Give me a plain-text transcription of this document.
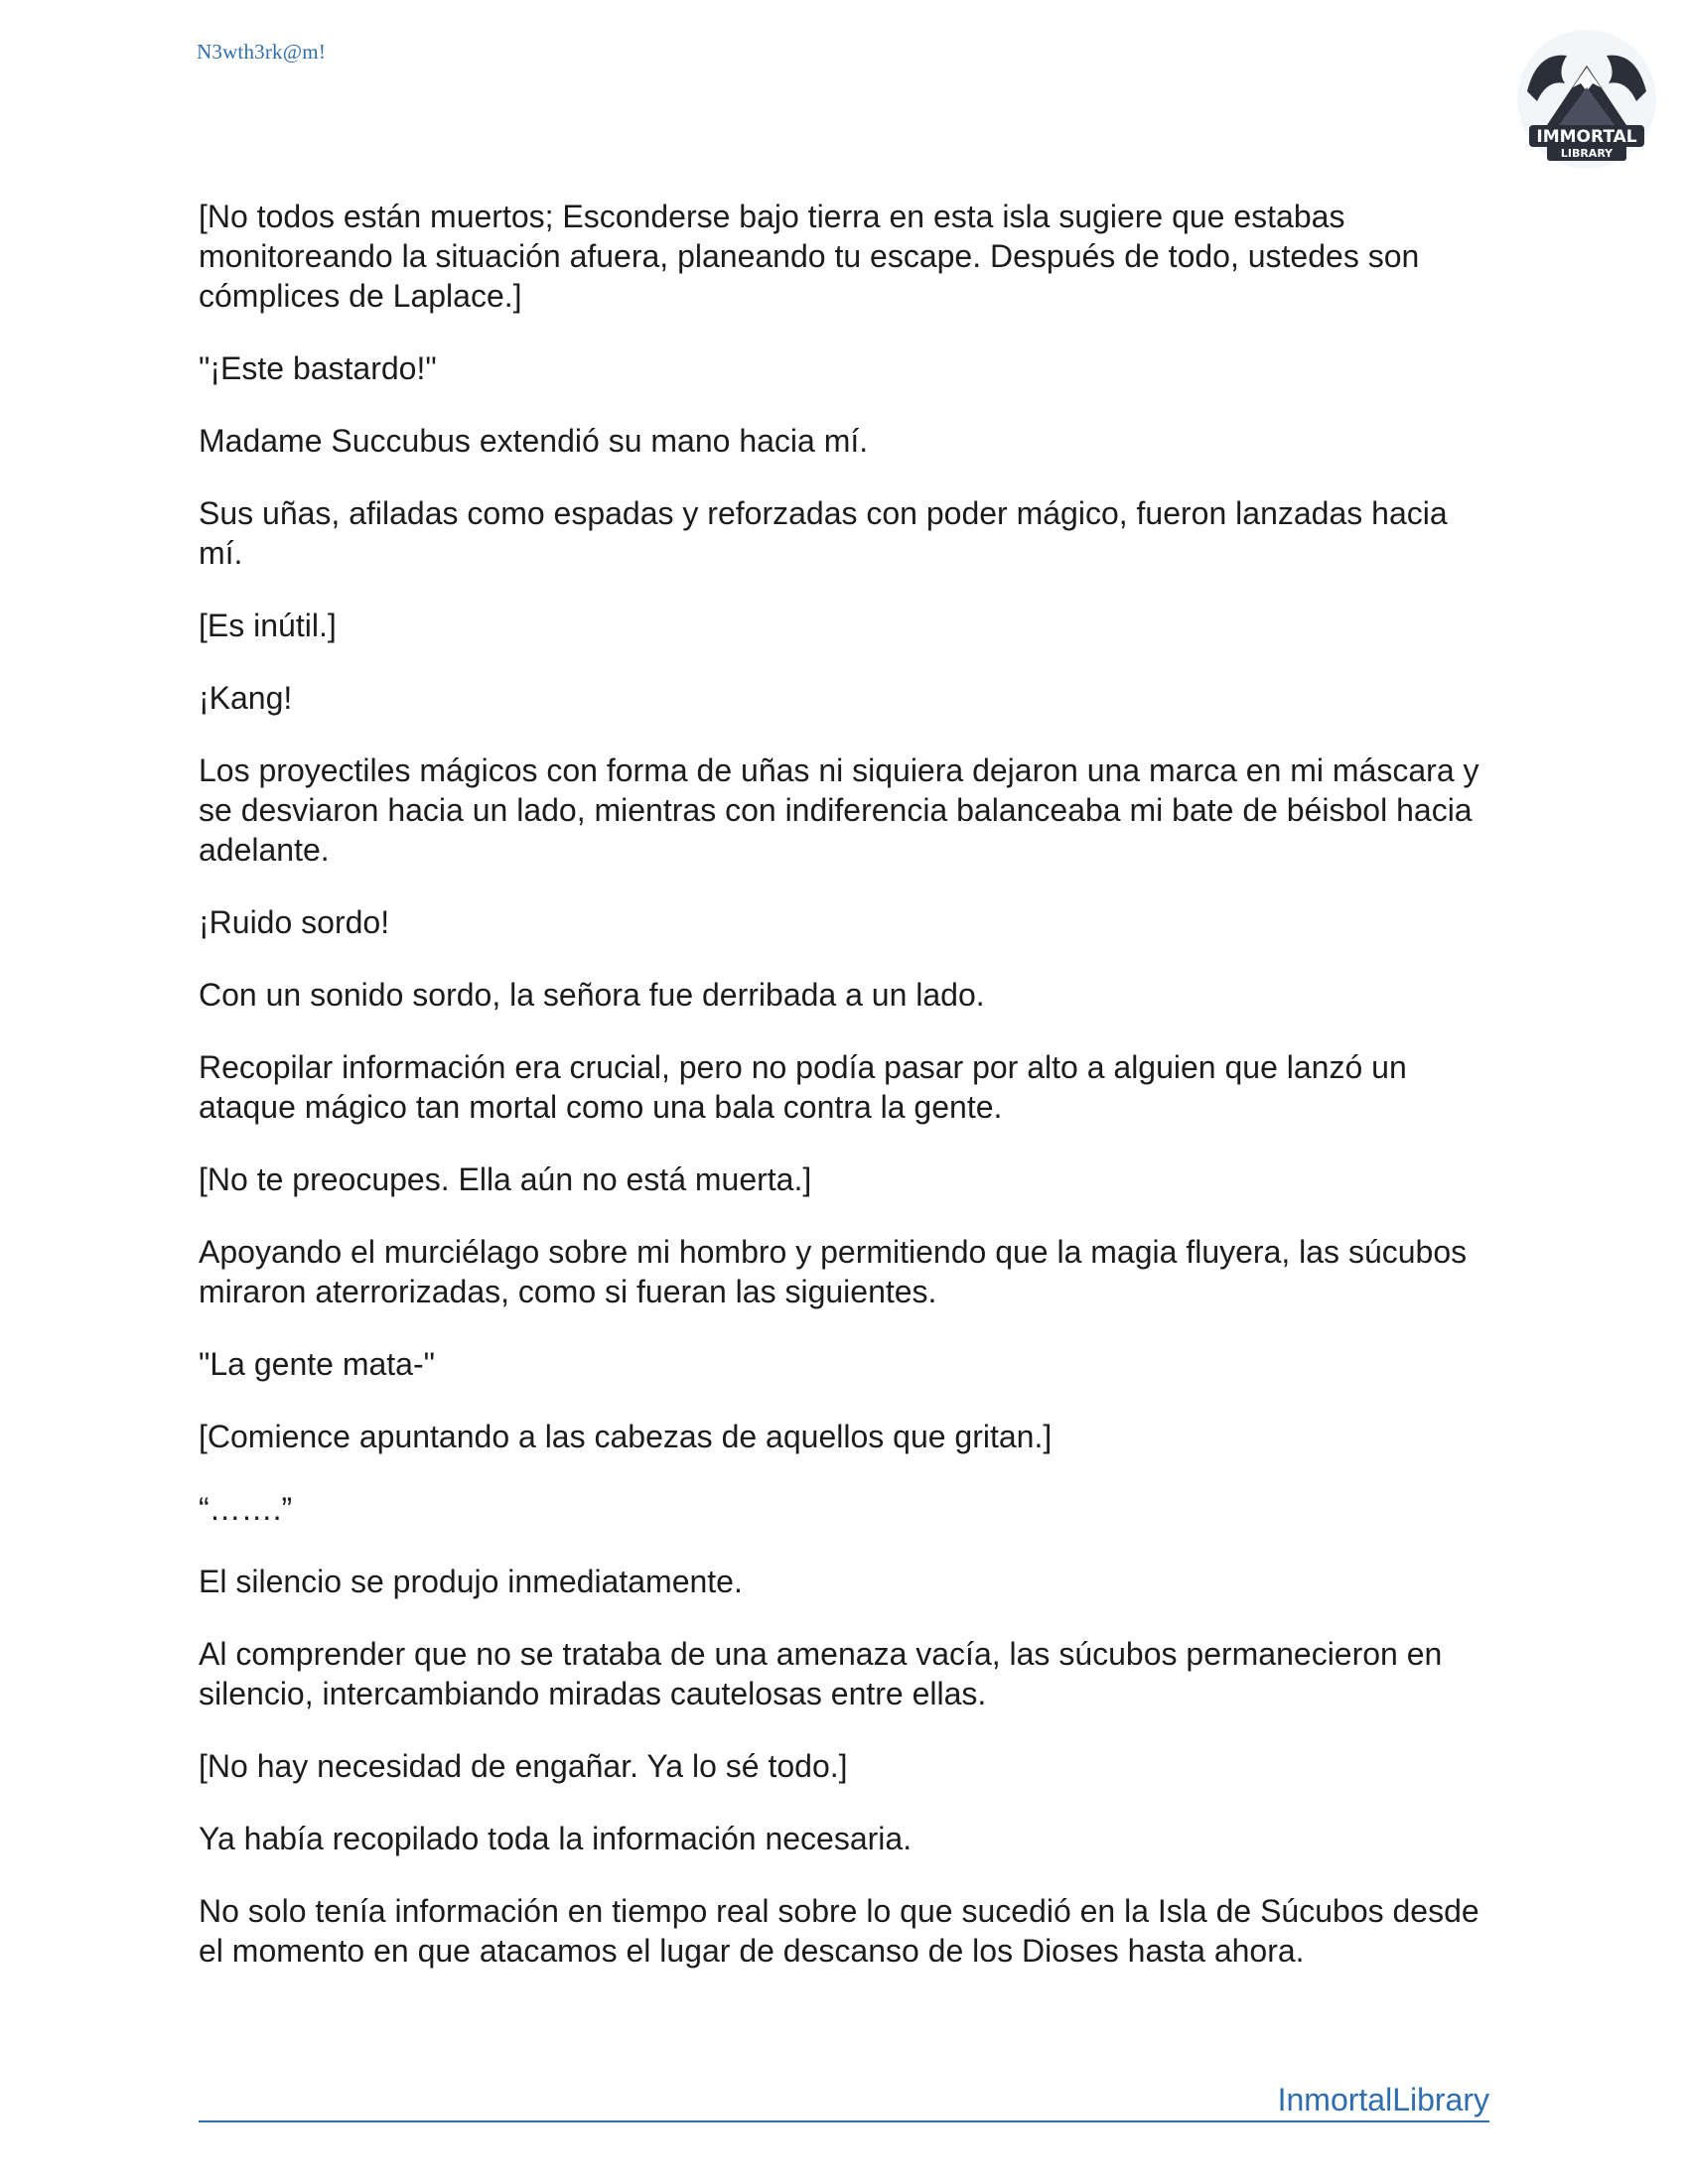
N3wth3rk@m!
IMMORTAL
LIBRARY

[No todos están muertos; Esconderse bajo tierra en esta isla sugiere que estabas monitoreando la situación afuera, planeando tu escape. Después de todo, ustedes son cómplices de Laplace.]

"¡Este bastardo!"

Madame Succubus extendió su mano hacia mí.

Sus uñas, afiladas como espadas y reforzadas con poder mágico, fueron lanzadas hacia mí.

[Es inútil.]

¡Kang!

Los proyectiles mágicos con forma de uñas ni siquiera dejaron una marca en mi máscara y se desviaron hacia un lado, mientras con indiferencia balanceaba mi bate de béisbol hacia adelante.

¡Ruido sordo!

Con un sonido sordo, la señora fue derribada a un lado.

Recopilar información era crucial, pero no podía pasar por alto a alguien que lanzó un ataque mágico tan mortal como una bala contra la gente.

[No te preocupes. Ella aún no está muerta.]

Apoyando el murciélago sobre mi hombro y permitiendo que la magia fluyera, las súcubos miraron aterrorizadas, como si fueran las siguientes.

"La gente mata-"

[Comience apuntando a las cabezas de aquellos que gritan.]

“…….”

El silencio se produjo inmediatamente.

Al comprender que no se trataba de una amenaza vacía, las súcubos permanecieron en silencio, intercambiando miradas cautelosas entre ellas.

[No hay necesidad de engañar. Ya lo sé todo.]

Ya había recopilado toda la información necesaria.

No solo tenía información en tiempo real sobre lo que sucedió en la Isla de Súcubos desde el momento en que atacamos el lugar de descanso de los Dioses hasta ahora.

InmortalLibrary
